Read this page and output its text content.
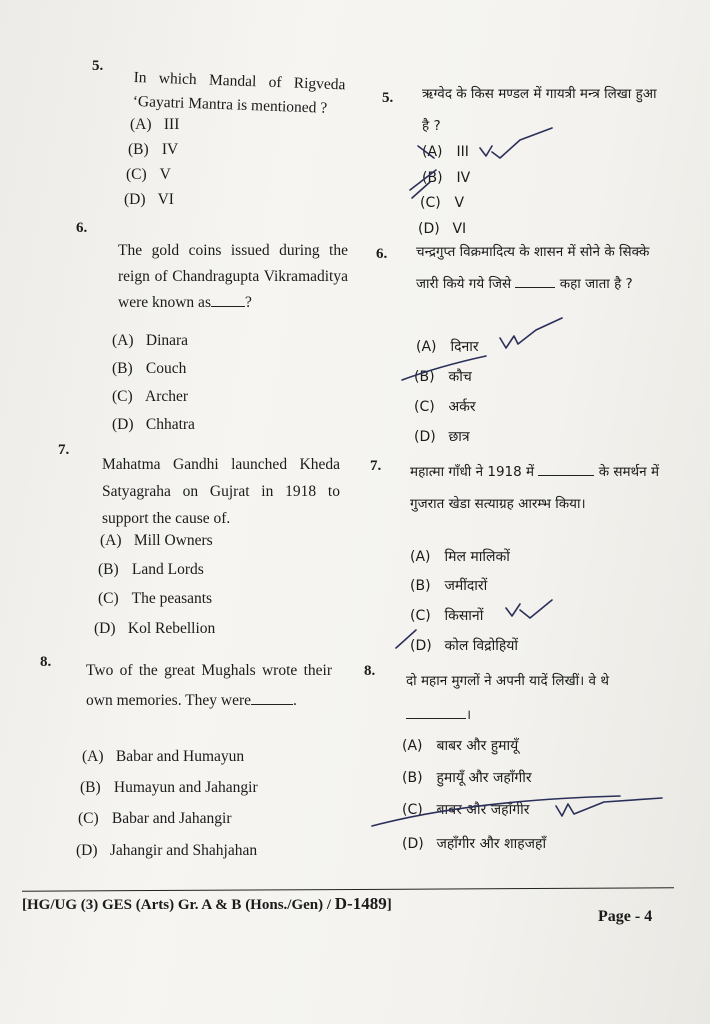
5.
In which Mandal of Rigveda ‘Gayatri Mantra is mentioned ?
(A) III
(B) IV
(C) V
(D) VI
6.
The gold coins issued during the reign of Chandragupta Vikramaditya were known as ?
(A) Dinara
(B) Couch
(C) Archer
(D) Chhatra
7.
Mahatma Gandhi launched Kheda Satyagraha on Gujrat in 1918 to support the cause of.
(A) Mill Owners
(B) Land Lords
(C) The peasants
(D) Kol Rebellion
8. Two of the great Mughals wrote their own memories. They were	.
(A) Babar and Humayun
(B) Humayun and Jahangir
(C) Babar and Jahangir
(D) Jahangir and Shahjahan
5. ऋग्वेद के किस मण्डल में गायत्री मन्त्र लिखा हुआ है ?
(A) III
(B) IV
(C) V
(D) VI
6. चन्द्रगुप्त विक्रमादित्य के शासन में सोने के सिक्के जारी किये गये जिसे	कहा जाता है ?
(A) दिनार
(B) कौच
(C) अर्कर
(D) छात्र
7. महात्मा गाँधी ने 1918 में	के समर्थन में गुजरात खेडा सत्याग्रह आरम्भ किया।
(A) मिल मालिकों
(B) जमींदारों
(C) किसानों
(D) कोल विद्रोहियों
8.
दो महान मुगलों ने अपनी यादें लिखीं। वे थे।
(A) बाबर और हुमायूँ
(B) हुमायूँ और जहाँगीर
(C) बाबर और जहाँगीर
(D) जहाँगीर और शाहजहाँ
[HG/UG (3) GES (Arts) Gr. A & B (Hons./Gen) / D-1489]
Page - 4
